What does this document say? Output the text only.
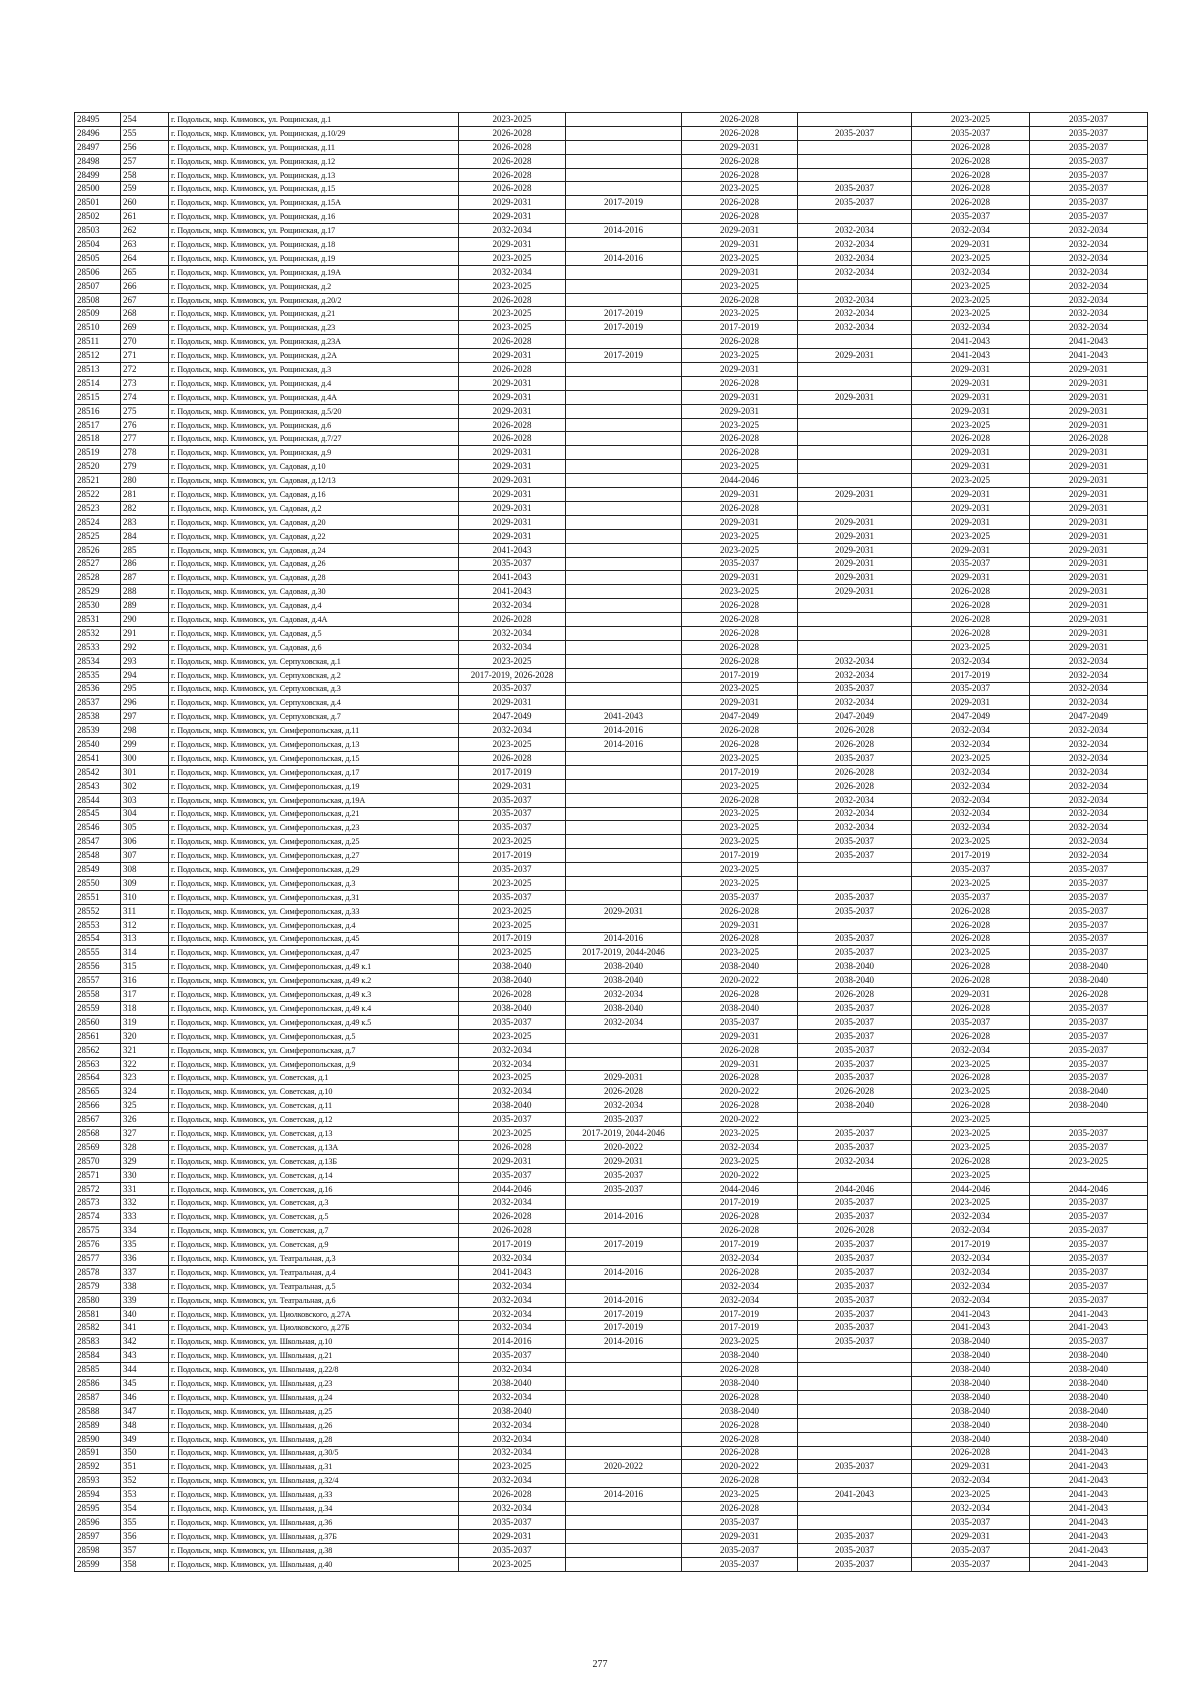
28495	254	г. Подольск, мкр. Климовск, ул. Рощинская, д.1	2023-2025		2026-2028		2023-2025	2035-2037
28496	255	г. Подольск, мкр. Климовск, ул. Рощинская, д.10/29	2026-2028		2026-2028	2035-2037	2035-2037	2035-2037
28497	256	г. Подольск, мкр. Климовск, ул. Рощинская, д.11	2026-2028		2029-2031		2026-2028	2035-2037
28498	257	г. Подольск, мкр. Климовск, ул. Рощинская, д.12	2026-2028		2026-2028		2026-2028	2035-2037
28499	258	г. Подольск, мкр. Климовск, ул. Рощинская, д.13	2026-2028		2026-2028		2026-2028	2035-2037
28500	259	г. Подольск, мкр. Климовск, ул. Рощинская, д.15	2026-2028		2023-2025	2035-2037	2026-2028	2035-2037
28501	260	г. Подольск, мкр. Климовск, ул. Рощинская, д.15А	2029-2031	2017-2019	2026-2028	2035-2037	2026-2028	2035-2037
28502	261	г. Подольск, мкр. Климовск, ул. Рощинская, д.16	2029-2031		2026-2028		2035-2037	2035-2037
28503	262	г. Подольск, мкр. Климовск, ул. Рощинская, д.17	2032-2034	2014-2016	2029-2031	2032-2034	2032-2034	2032-2034
28504	263	г. Подольск, мкр. Климовск, ул. Рощинская, д.18	2029-2031		2029-2031	2032-2034	2029-2031	2032-2034
28505	264	г. Подольск, мкр. Климовск, ул. Рощинская, д.19	2023-2025	2014-2016	2023-2025	2032-2034	2023-2025	2032-2034
28506	265	г. Подольск, мкр. Климовск, ул. Рощинская, д.19А	2032-2034		2029-2031	2032-2034	2032-2034	2032-2034
28507	266	г. Подольск, мкр. Климовск, ул. Рощинская, д.2	2023-2025		2023-2025		2023-2025	2032-2034
28508	267	г. Подольск, мкр. Климовск, ул. Рощинская, д.20/2	2026-2028		2026-2028	2032-2034	2023-2025	2032-2034
28509	268	г. Подольск, мкр. Климовск, ул. Рощинская, д.21	2023-2025	2017-2019	2023-2025	2032-2034	2023-2025	2032-2034
28510	269	г. Подольск, мкр. Климовск, ул. Рощинская, д.23	2023-2025	2017-2019	2017-2019	2032-2034	2032-2034	2032-2034
28511	270	г. Подольск, мкр. Климовск, ул. Рощинская, д.23А	2026-2028		2026-2028		2041-2043	2041-2043
28512	271	г. Подольск, мкр. Климовск, ул. Рощинская, д.2А	2029-2031	2017-2019	2023-2025	2029-2031	2041-2043	2041-2043
28513	272	г. Подольск, мкр. Климовск, ул. Рощинская, д.3	2026-2028		2029-2031		2029-2031	2029-2031
28514	273	г. Подольск, мкр. Климовск, ул. Рощинская, д.4	2029-2031		2026-2028		2029-2031	2029-2031
28515	274	г. Подольск, мкр. Климовск, ул. Рощинская, д.4А	2029-2031		2029-2031	2029-2031	2029-2031	2029-2031
28516	275	г. Подольск, мкр. Климовск, ул. Рощинская, д.5/20	2029-2031		2029-2031		2029-2031	2029-2031
28517	276	г. Подольск, мкр. Климовск, ул. Рощинская, д.6	2026-2028		2023-2025		2023-2025	2029-2031
28518	277	г. Подольск, мкр. Климовск, ул. Рощинская, д.7/27	2026-2028		2026-2028		2026-2028	2026-2028
28519	278	г. Подольск, мкр. Климовск, ул. Рощинская, д.9	2029-2031		2026-2028		2029-2031	2029-2031
28520	279	г. Подольск, мкр. Климовск, ул. Садовая, д.10	2029-2031		2023-2025		2029-2031	2029-2031
28521	280	г. Подольск, мкр. Климовск, ул. Садовая, д.12/13	2029-2031		2044-2046		2023-2025	2029-2031
28522	281	г. Подольск, мкр. Климовск, ул. Садовая, д.16	2029-2031		2029-2031	2029-2031	2029-2031	2029-2031
28523	282	г. Подольск, мкр. Климовск, ул. Садовая, д.2	2029-2031		2026-2028		2029-2031	2029-2031
28524	283	г. Подольск, мкр. Климовск, ул. Садовая, д.20	2029-2031		2029-2031	2029-2031	2029-2031	2029-2031
28525	284	г. Подольск, мкр. Климовск, ул. Садовая, д.22	2029-2031		2023-2025	2029-2031	2023-2025	2029-2031
28526	285	г. Подольск, мкр. Климовск, ул. Садовая, д.24	2041-2043		2023-2025	2029-2031	2029-2031	2029-2031
28527	286	г. Подольск, мкр. Климовск, ул. Садовая, д.26	2035-2037		2035-2037	2029-2031	2035-2037	2029-2031
28528	287	г. Подольск, мкр. Климовск, ул. Садовая, д.28	2041-2043		2029-2031	2029-2031	2029-2031	2029-2031
28529	288	г. Подольск, мкр. Климовск, ул. Садовая, д.30	2041-2043		2023-2025	2029-2031	2026-2028	2029-2031
28530	289	г. Подольск, мкр. Климовск, ул. Садовая, д.4	2032-2034		2026-2028		2026-2028	2029-2031
28531	290	г. Подольск, мкр. Климовск, ул. Садовая, д.4А	2026-2028		2026-2028		2026-2028	2029-2031
28532	291	г. Подольск, мкр. Климовск, ул. Садовая, д.5	2032-2034		2026-2028		2026-2028	2029-2031
28533	292	г. Подольск, мкр. Климовск, ул. Садовая, д.6	2032-2034		2026-2028		2023-2025	2029-2031
28534	293	г. Подольск, мкр. Климовск, ул. Серпуховская, д.1	2023-2025		2026-2028	2032-2034	2032-2034	2032-2034
28535	294	г. Подольск, мкр. Климовск, ул. Серпуховская, д.2	2017-2019, 2026-2028		2017-2019	2032-2034	2017-2019	2032-2034
28536	295	г. Подольск, мкр. Климовск, ул. Серпуховская, д.3	2035-2037		2023-2025	2035-2037	2035-2037	2032-2034
28537	296	г. Подольск, мкр. Климовск, ул. Серпуховская, д.4	2029-2031		2029-2031	2032-2034	2029-2031	2032-2034
28538	297	г. Подольск, мкр. Климовск, ул. Серпуховская, д.7	2047-2049	2041-2043	2047-2049	2047-2049	2047-2049	2047-2049
28539	298	г. Подольск, мкр. Климовск, ул. Симферопольская, д.11	2032-2034	2014-2016	2026-2028	2026-2028	2032-2034	2032-2034
28540	299	г. Подольск, мкр. Климовск, ул. Симферопольская, д.13	2023-2025	2014-2016	2026-2028	2026-2028	2032-2034	2032-2034
28541	300	г. Подольск, мкр. Климовск, ул. Симферопольская, д.15	2026-2028		2023-2025	2035-2037	2023-2025	2032-2034
28542	301	г. Подольск, мкр. Климовск, ул. Симферопольская, д.17	2017-2019		2017-2019	2026-2028	2032-2034	2032-2034
28543	302	г. Подольск, мкр. Климовск, ул. Симферопольская, д.19	2029-2031		2023-2025	2026-2028	2032-2034	2032-2034
28544	303	г. Подольск, мкр. Климовск, ул. Симферопольская, д.19А	2035-2037		2026-2028	2032-2034	2032-2034	2032-2034
28545	304	г. Подольск, мкр. Климовск, ул. Симферопольская, д.21	2035-2037		2023-2025	2032-2034	2032-2034	2032-2034
28546	305	г. Подольск, мкр. Климовск, ул. Симферопольская, д.23	2035-2037		2023-2025	2032-2034	2032-2034	2032-2034
28547	306	г. Подольск, мкр. Климовск, ул. Симферопольская, д.25	2023-2025		2023-2025	2035-2037	2023-2025	2032-2034
28548	307	г. Подольск, мкр. Климовск, ул. Симферопольская, д.27	2017-2019		2017-2019	2035-2037	2017-2019	2032-2034
28549	308	г. Подольск, мкр. Климовск, ул. Симферопольская, д.29	2035-2037		2023-2025		2035-2037	2035-2037
28550	309	г. Подольск, мкр. Климовск, ул. Симферопольская, д.3	2023-2025		2023-2025		2023-2025	2035-2037
28551	310	г. Подольск, мкр. Климовск, ул. Симферопольская, д.31	2035-2037		2035-2037	2035-2037	2035-2037	2035-2037
28552	311	г. Подольск, мкр. Климовск, ул. Симферопольская, д.33	2023-2025	2029-2031	2026-2028	2035-2037	2026-2028	2035-2037
28553	312	г. Подольск, мкр. Климовск, ул. Симферопольская, д.4	2023-2025		2029-2031		2026-2028	2035-2037
28554	313	г. Подольск, мкр. Климовск, ул. Симферопольская, д.45	2017-2019	2014-2016	2026-2028	2035-2037	2026-2028	2035-2037
28555	314	г. Подольск, мкр. Климовск, ул. Симферопольская, д.47	2023-2025	2017-2019, 2044-2046	2023-2025	2035-2037	2023-2025	2035-2037
28556	315	г. Подольск, мкр. Климовск, ул. Симферопольская, д.49 к.1	2038-2040	2038-2040	2038-2040	2038-2040	2026-2028	2038-2040
28557	316	г. Подольск, мкр. Климовск, ул. Симферопольская, д.49 к.2	2038-2040	2038-2040	2020-2022	2038-2040	2026-2028	2038-2040
28558	317	г. Подольск, мкр. Климовск, ул. Симферопольская, д.49 к.3	2026-2028	2032-2034	2026-2028	2026-2028	2029-2031	2026-2028
28559	318	г. Подольск, мкр. Климовск, ул. Симферопольская, д.49 к.4	2038-2040	2038-2040	2038-2040	2035-2037	2026-2028	2035-2037
28560	319	г. Подольск, мкр. Климовск, ул. Симферопольская, д.49 к.5	2035-2037	2032-2034	2035-2037	2035-2037	2035-2037	2035-2037
28561	320	г. Подольск, мкр. Климовск, ул. Симферопольская, д.5	2023-2025		2029-2031	2035-2037	2026-2028	2035-2037
28562	321	г. Подольск, мкр. Климовск, ул. Симферопольская, д.7	2032-2034		2026-2028	2035-2037	2032-2034	2035-2037
28563	322	г. Подольск, мкр. Климовск, ул. Симферопольская, д.9	2032-2034		2029-2031	2035-2037	2023-2025	2035-2037
28564	323	г. Подольск, мкр. Климовск, ул. Советская, д.1	2023-2025	2029-2031	2026-2028	2035-2037	2026-2028	2035-2037
28565	324	г. Подольск, мкр. Климовск, ул. Советская, д.10	2032-2034	2026-2028	2020-2022	2026-2028	2023-2025	2038-2040
28566	325	г. Подольск, мкр. Климовск, ул. Советская, д.11	2038-2040	2032-2034	2026-2028	2038-2040	2026-2028	2038-2040
28567	326	г. Подольск, мкр. Климовск, ул. Советская, д.12	2035-2037	2035-2037	2020-2022		2023-2025	
28568	327	г. Подольск, мкр. Климовск, ул. Советская, д.13	2023-2025	2017-2019, 2044-2046	2023-2025	2035-2037	2023-2025	2035-2037
28569	328	г. Подольск, мкр. Климовск, ул. Советская, д.13А	2026-2028	2020-2022	2032-2034	2035-2037	2023-2025	2035-2037
28570	329	г. Подольск, мкр. Климовск, ул. Советская, д.13Б	2029-2031	2029-2031	2023-2025	2032-2034	2026-2028	2023-2025
28571	330	г. Подольск, мкр. Климовск, ул. Советская, д.14	2035-2037	2035-2037	2020-2022		2023-2025	
28572	331	г. Подольск, мкр. Климовск, ул. Советская, д.16	2044-2046	2035-2037	2044-2046	2044-2046	2044-2046	2044-2046
28573	332	г. Подольск, мкр. Климовск, ул. Советская, д.3	2032-2034		2017-2019	2035-2037	2023-2025	2035-2037
28574	333	г. Подольск, мкр. Климовск, ул. Советская, д.5	2026-2028	2014-2016	2026-2028	2035-2037	2032-2034	2035-2037
28575	334	г. Подольск, мкр. Климовск, ул. Советская, д.7	2026-2028		2026-2028	2026-2028	2032-2034	2035-2037
28576	335	г. Подольск, мкр. Климовск, ул. Советская, д.9	2017-2019	2017-2019	2017-2019	2035-2037	2017-2019	2035-2037
28577	336	г. Подольск, мкр. Климовск, ул. Театральная, д.3	2032-2034		2032-2034	2035-2037	2032-2034	2035-2037
28578	337	г. Подольск, мкр. Климовск, ул. Театральная, д.4	2041-2043	2014-2016	2026-2028	2035-2037	2032-2034	2035-2037
28579	338	г. Подольск, мкр. Климовск, ул. Театральная, д.5	2032-2034		2032-2034	2035-2037	2032-2034	2035-2037
28580	339	г. Подольск, мкр. Климовск, ул. Театральная, д.6	2032-2034	2014-2016	2032-2034	2035-2037	2032-2034	2035-2037
28581	340	г. Подольск, мкр. Климовск, ул. Циолковского, д.27А	2032-2034	2017-2019	2017-2019	2035-2037	2041-2043	2041-2043
28582	341	г. Подольск, мкр. Климовск, ул. Циолковского, д.27Б	2032-2034	2017-2019	2017-2019	2035-2037	2041-2043	2041-2043
28583	342	г. Подольск, мкр. Климовск, ул. Школьная, д.10	2014-2016	2014-2016	2023-2025	2035-2037	2038-2040	2035-2037
28584	343	г. Подольск, мкр. Климовск, ул. Школьная, д.21	2035-2037		2038-2040		2038-2040	2038-2040
28585	344	г. Подольск, мкр. Климовск, ул. Школьная, д.22/8	2032-2034		2026-2028		2038-2040	2038-2040
28586	345	г. Подольск, мкр. Климовск, ул. Школьная, д.23	2038-2040		2038-2040		2038-2040	2038-2040
28587	346	г. Подольск, мкр. Климовск, ул. Школьная, д.24	2032-2034		2026-2028		2038-2040	2038-2040
28588	347	г. Подольск, мкр. Климовск, ул. Школьная, д.25	2038-2040		2038-2040		2038-2040	2038-2040
28589	348	г. Подольск, мкр. Климовск, ул. Школьная, д.26	2032-2034		2026-2028		2038-2040	2038-2040
28590	349	г. Подольск, мкр. Климовск, ул. Школьная, д.28	2032-2034		2026-2028		2038-2040	2038-2040
28591	350	г. Подольск, мкр. Климовск, ул. Школьная, д.30/5	2032-2034		2026-2028		2026-2028	2041-2043
28592	351	г. Подольск, мкр. Климовск, ул. Школьная, д.31	2023-2025	2020-2022	2020-2022	2035-2037	2029-2031	2041-2043
28593	352	г. Подольск, мкр. Климовск, ул. Школьная, д.32/4	2032-2034		2026-2028		2032-2034	2041-2043
28594	353	г. Подольск, мкр. Климовск, ул. Школьная, д.33	2026-2028	2014-2016	2023-2025	2041-2043	2023-2025	2041-2043
28595	354	г. Подольск, мкр. Климовск, ул. Школьная, д.34	2032-2034		2026-2028		2032-2034	2041-2043
28596	355	г. Подольск, мкр. Климовск, ул. Школьная, д.36	2035-2037		2035-2037		2035-2037	2041-2043
28597	356	г. Подольск, мкр. Климовск, ул. Школьная, д.37Б	2029-2031		2029-2031	2035-2037	2029-2031	2041-2043
28598	357	г. Подольск, мкр. Климовск, ул. Школьная, д.38	2035-2037		2035-2037	2035-2037	2035-2037	2041-2043
28599	358	г. Подольск, мкр. Климовск, ул. Школьная, д.40	2023-2025		2035-2037	2035-2037	2035-2037	2041-2043
277
